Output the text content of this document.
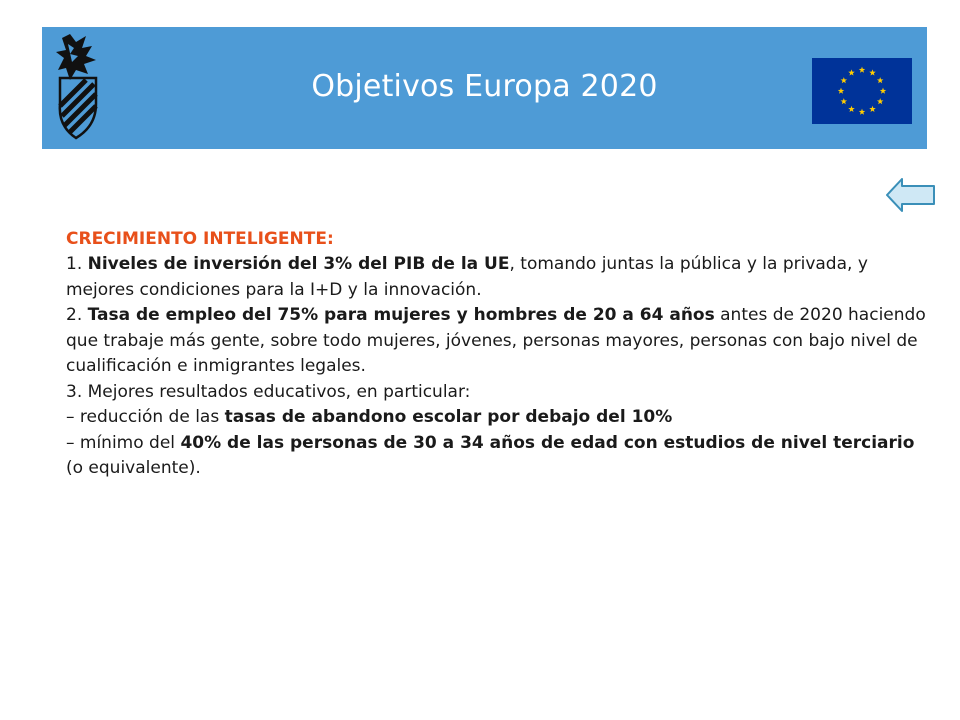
Objetivos Europa 2020

CRECIMIENTO INTELIGENTE:

1. Niveles de inversión del 3% del PIB de la UE, tomando juntas la pública y la privada, y mejores condiciones para la I+D y la innovación.

2. Tasa de empleo del 75% para mujeres y hombres de 20 a 64 años antes de 2020 haciendo que trabaje más gente, sobre todo mujeres, jóvenes, personas mayores, personas con bajo nivel de cualificación e inmigrantes legales.

3. Mejores resultados educativos, en particular:

– reducción de las tasas de abandono escolar por debajo del 10%

– mínimo del 40% de las personas de 30 a 34 años de edad con estudios de nivel terciario (o equivalente).
